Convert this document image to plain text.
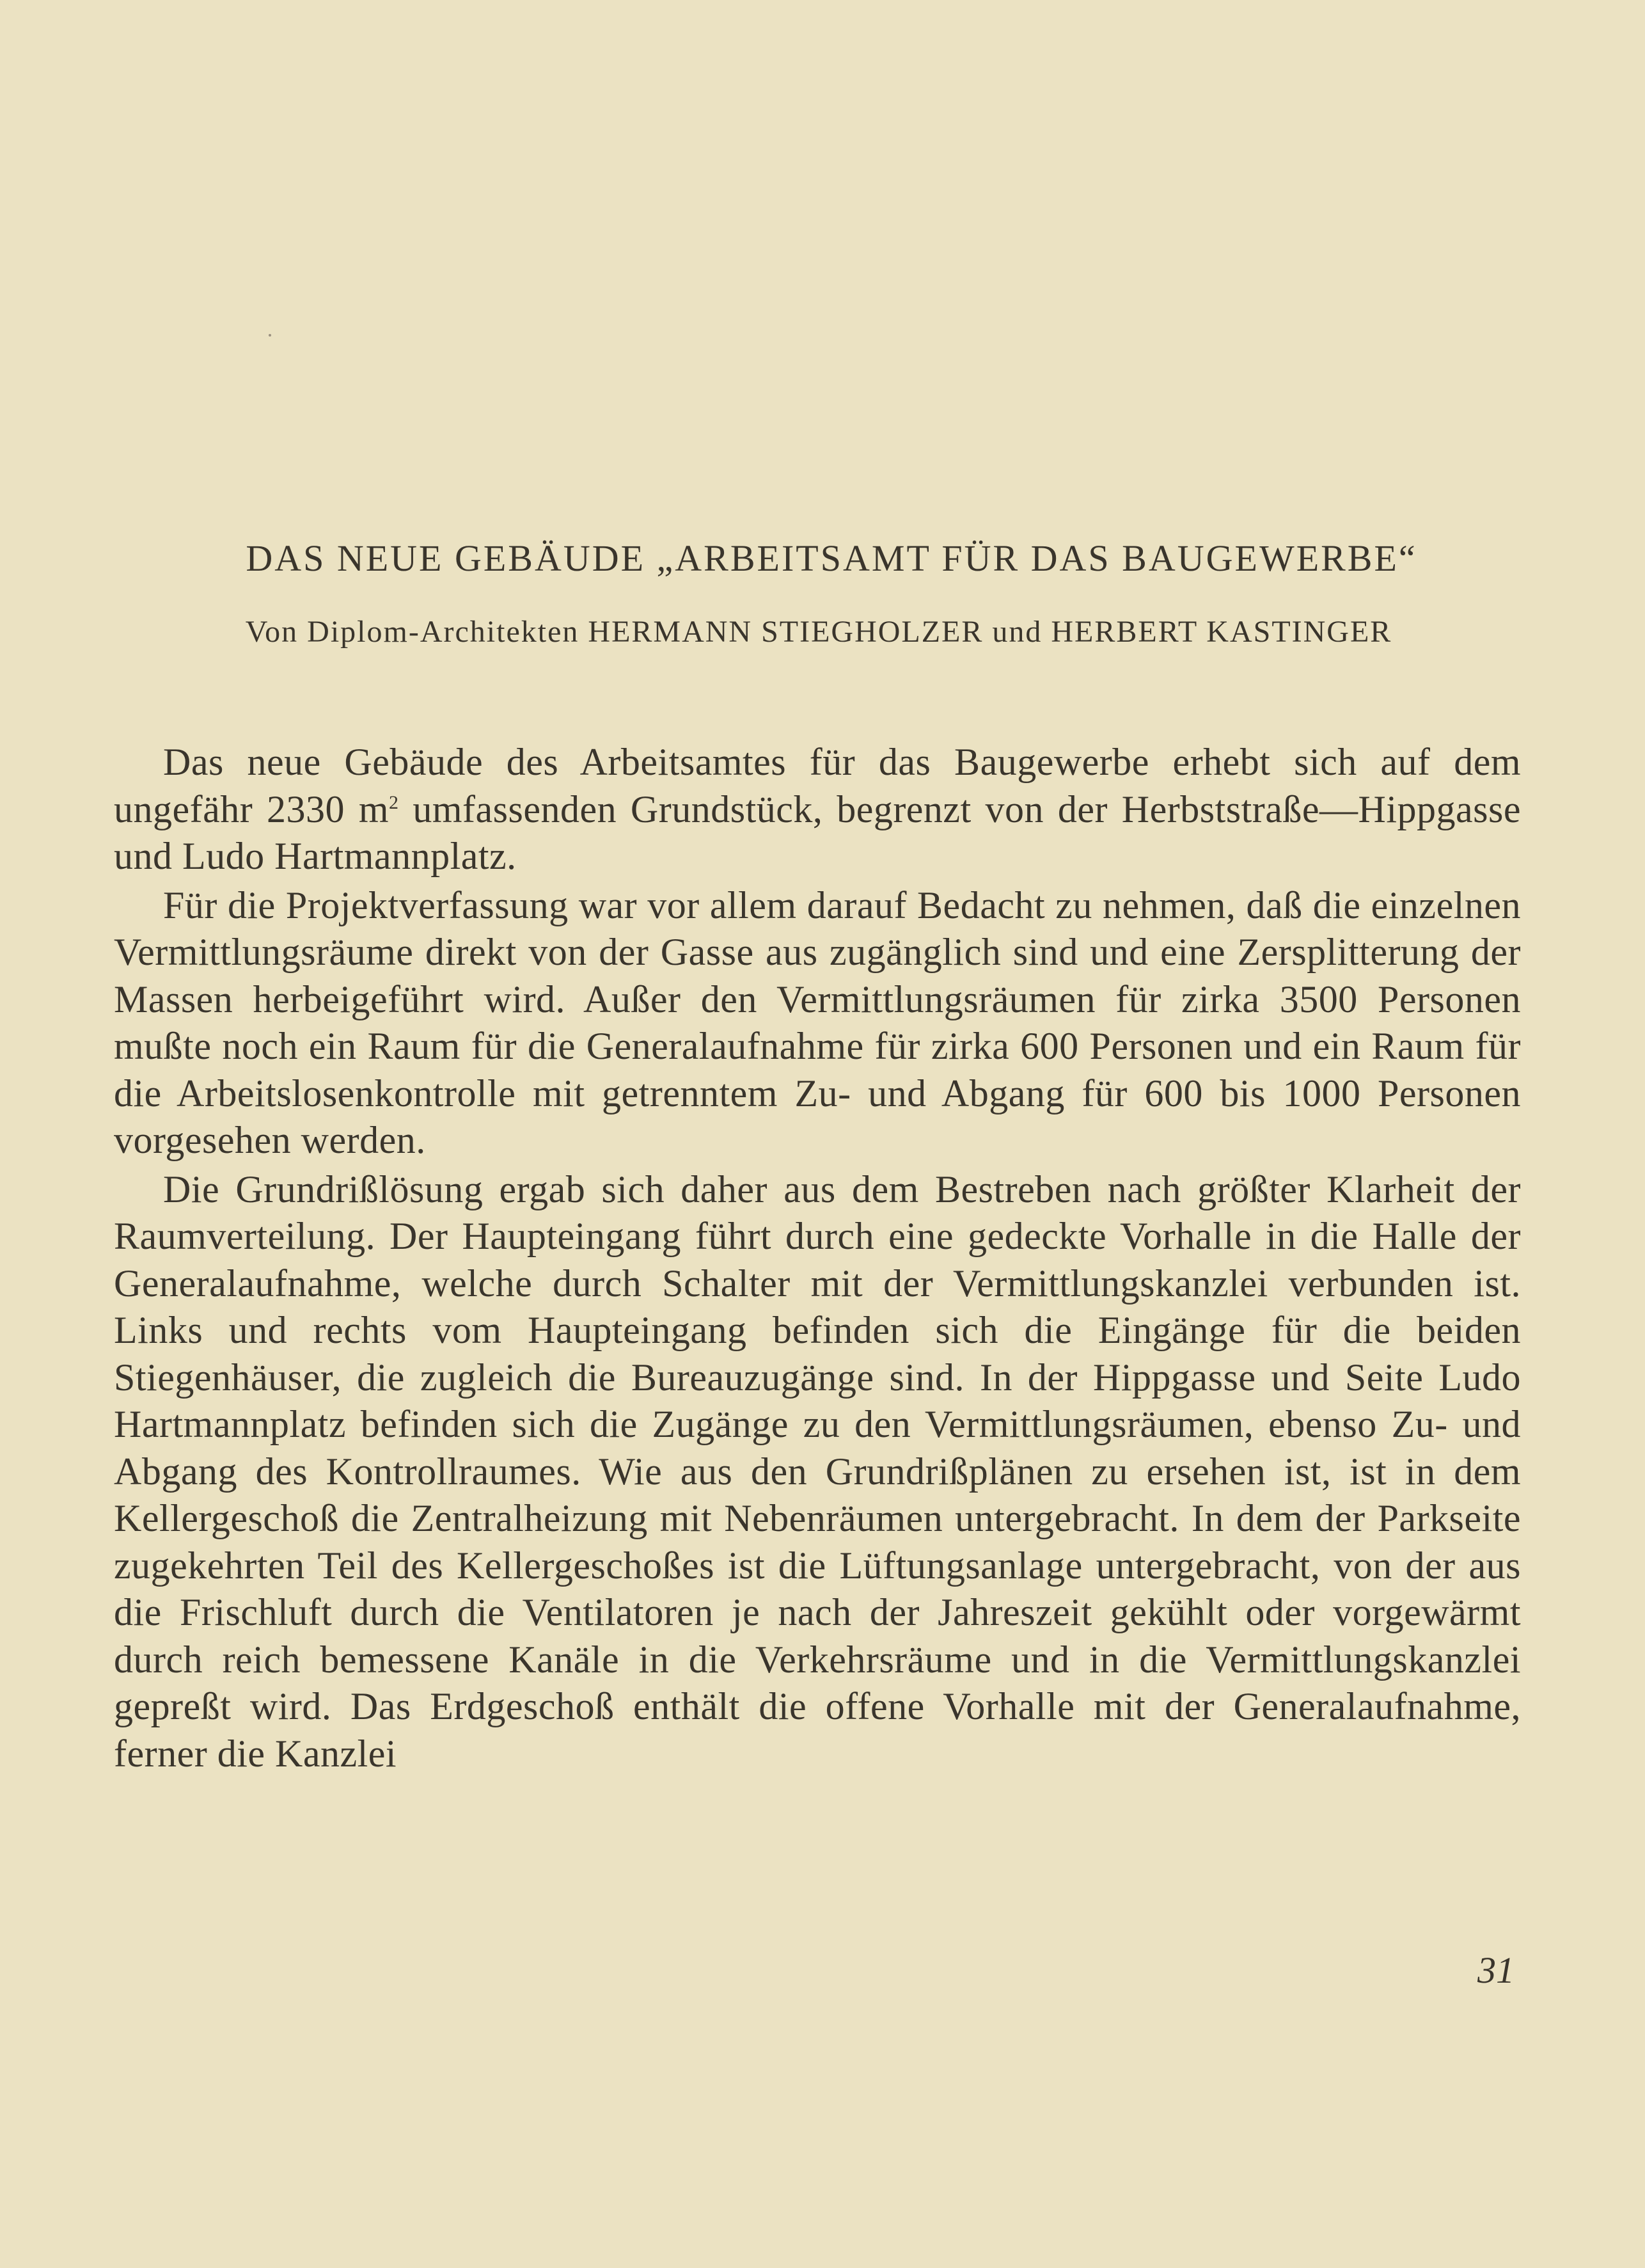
DAS NEUE GEBÄUDE „ARBEITSAMT FÜR DAS BAUGEWERBE“
Von Diplom-Architekten HERMANN STIEGHOLZER und HERBERT KASTINGER

Das neue Gebäude des Arbeitsamtes für das Baugewerbe erhebt sich auf dem ungefähr 2330 $m^2$ umfassenden Grundstück, begrenzt von der Herbststraße—Hippgasse und Ludo Hartmannplatz.

Für die Projektverfassung war vor allem darauf Bedacht zu nehmen, daß die einzelnen Vermittlungsräume direkt von der Gasse aus zugänglich sind und eine Zersplitterung der Massen herbeigeführt wird. Außer den Vermittlungsräumen für zirka 3500 Personen mußte noch ein Raum für die Generalaufnahme für zirka 600 Personen und ein Raum für die Arbeitslosenkontrolle mit getrenntem Zu- und Abgang für 600 bis 1000 Personen vorgesehen werden.

Die Grundrißlösung ergab sich daher aus dem Bestreben nach größter Klarheit der Raumverteilung. Der Haupteingang führt durch eine gedeckte Vorhalle in die Halle der Generalaufnahme, welche durch Schalter mit der Vermittlungskanzlei verbunden ist. Links und rechts vom Haupteingang befinden sich die Eingänge für die beiden Stiegenhäuser, die zugleich die Bureauzugänge sind. In der Hippgasse und Seite Ludo Hartmannplatz befinden sich die Zugänge zu den Vermittlungsräumen, ebenso Zu- und Abgang des Kontrollraumes. Wie aus den Grundrißplänen zu ersehen ist, ist in dem Kellergeschoß die Zentralheizung mit Nebenräumen untergebracht. In dem der Parkseite zugekehrten Teil des Kellergeschoßes ist die Lüftungsanlage untergebracht, von der aus die Frischluft durch die Ventilatoren je nach der Jahreszeit gekühlt oder vorgewärmt durch reich bemessene Kanäle in die Verkehrsräume und in die Vermittlungskanzlei gepreßt wird. Das Erdgeschoß enthält die offene Vorhalle mit der Generalaufnahme, ferner die Kanzlei

31
